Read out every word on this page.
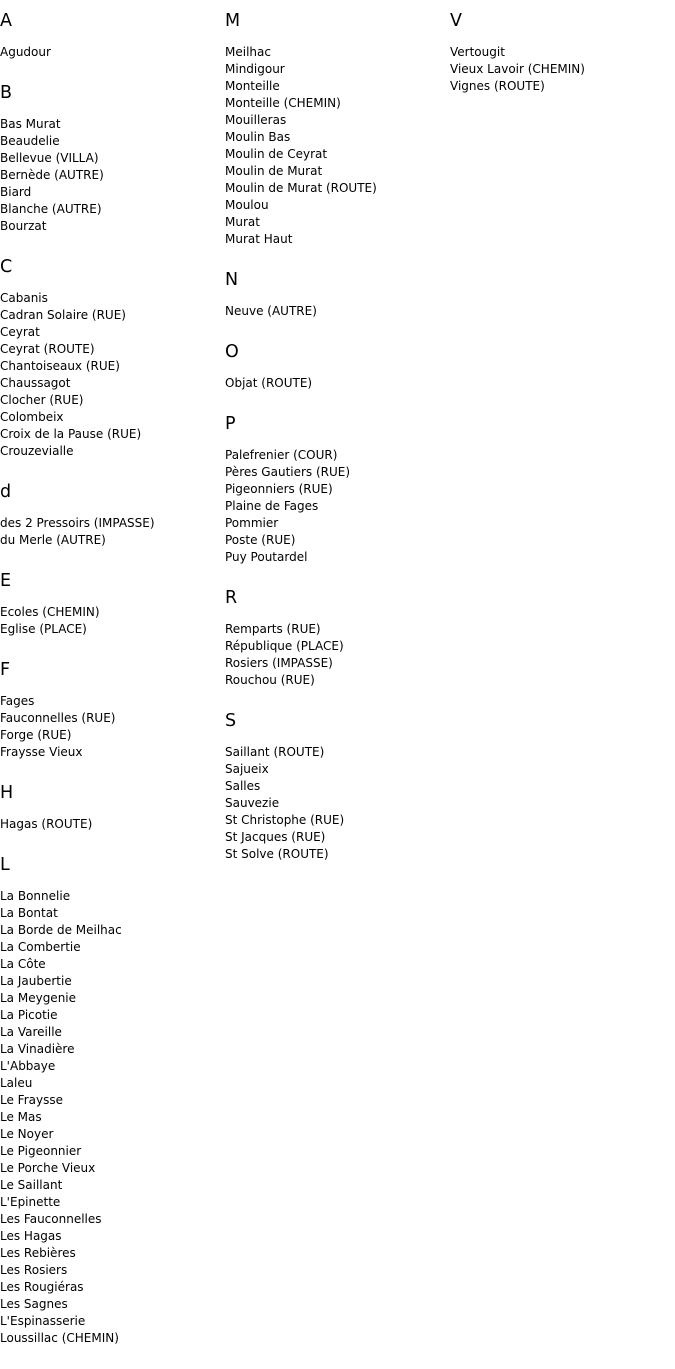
A
Agudour
B
Bas Murat
Beaudelie
Bellevue (VILLA)
Bernède (AUTRE)
Biard
Blanche (AUTRE)
Bourzat
C
Cabanis
Cadran Solaire (RUE)
Ceyrat
Ceyrat (ROUTE)
Chantoiseaux (RUE)
Chaussagot
Clocher (RUE)
Colombeix
Croix de la Pause (RUE)
Crouzevialle
d
des 2 Pressoirs (IMPASSE)
du Merle (AUTRE)
E
Ecoles (CHEMIN)
Eglise (PLACE)
F
Fages
Fauconnelles (RUE)
Forge (RUE)
Fraysse Vieux
H
Hagas (ROUTE)
L
La Bonnelie
La Bontat
La Borde de Meilhac
La Combertie
La Côte
La Jaubertie
La Meygenie
La Picotie
La Vareille
La Vinadière
L'Abbaye
Laleu
Le Fraysse
Le Mas
Le Noyer
Le Pigeonnier
Le Porche Vieux
Le Saillant
L'Epinette
Les Fauconnelles
Les Hagas
Les Rebières
Les Rosiers
Les Rougiéras
Les Sagnes
L'Espinasserie
Loussillac (CHEMIN)
M
Meilhac
Mindigour
Monteille
Monteille (CHEMIN)
Mouilleras
Moulin Bas
Moulin de Ceyrat
Moulin de Murat
Moulin de Murat (ROUTE)
Moulou
Murat
Murat Haut
N
Neuve (AUTRE)
O
Objat (ROUTE)
P
Palefrenier (COUR)
Pères Gautiers (RUE)
Pigeonniers (RUE)
Plaine de Fages
Pommier
Poste (RUE)
Puy Poutardel
R
Remparts (RUE)
République (PLACE)
Rosiers (IMPASSE)
Rouchou (RUE)
S
Saillant (ROUTE)
Sajueix
Salles
Sauvezie
St Christophe (RUE)
St Jacques (RUE)
St Solve (ROUTE)
V
Vertougit
Vieux Lavoir (CHEMIN)
Vignes (ROUTE)
